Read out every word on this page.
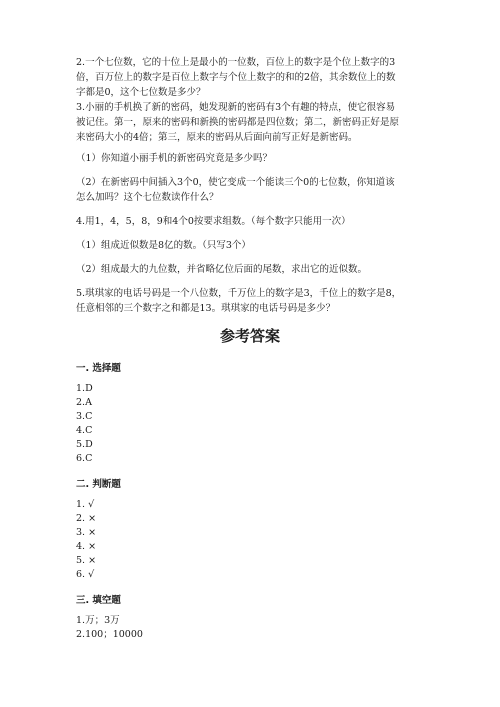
2.一个七位数，它的十位上是最小的一位数，百位上的数字是个位上数字的3
倍，百万位上的数字是百位上数字与个位上数字的和的2倍，其余数位上的数
字都是0，这个七位数是多少？
3.小丽的手机换了新的密码，她发现新的密码有3个有趣的特点，使它很容易
被记住。第一，原来的密码和新换的密码都是四位数；第二，新密码正好是原
来密码大小的4倍；第三，原来的密码从后面向前写正好是新密码。
（1）你知道小丽手机的新密码究竟是多少吗？
（2）在新密码中间插入3个0，使它变成一个能读三个0的七位数，你知道该
怎么加吗？这个七位数读作什么？
4.用1，4，5，8，9和4个0按要求组数。（每个数字只能用一次）
（1）组成近似数是8亿的数。（只写3个）
（2）组成最大的九位数，并省略亿位后面的尾数，求出它的近似数。
5.琪琪家的电话号码是一个八位数，千万位上的数字是3，千位上的数字是8，
任意相邻的三个数字之和都是13。琪琪家的电话号码是多少？
参考答案
一. 选择题
1.D
2.A
3.C
4.C
5.D
6.C
二. 判断题
1. √
2. ×
3. ×
4. ×
5. ×
6. √
三. 填空题
1.万；3万
2.100；10000
